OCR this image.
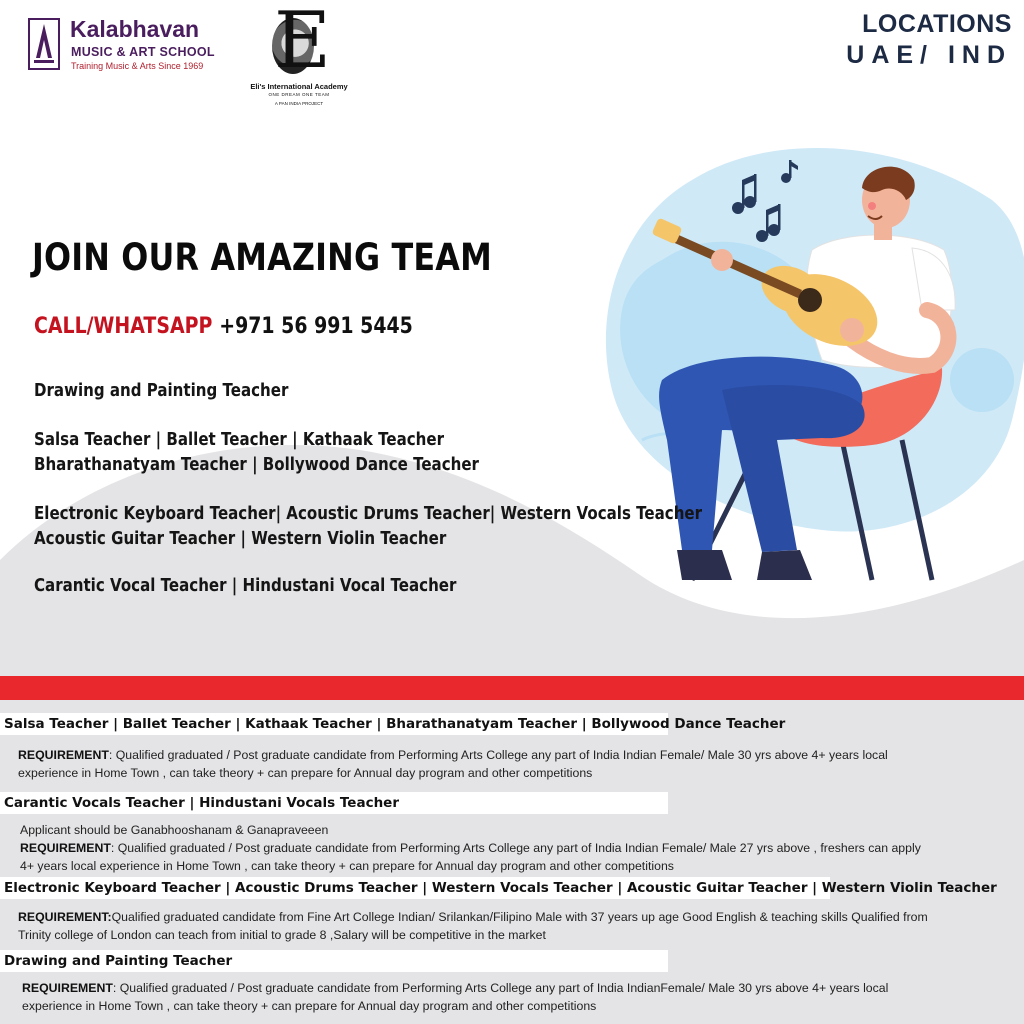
Kalabhavan
MUSIC & ART SCHOOL
Training Music & Arts Since 1969 E
Eli's International Academy
ONE DREAM ONE TEAM
A PAN INDIA PROJECT
LOCATIONS
UAE/ IND
JOIN OUR AMAZING TEAM
CALL/WHATSAPP +971 56 991 5445
Drawing and Painting Teacher
Salsa Teacher | Ballet Teacher | Kathaak Teacher
Bharathanatyam Teacher | Bollywood Dance Teacher
Electronic Keyboard Teacher| Acoustic Drums Teacher| Western Vocals Teacher
Acoustic Guitar Teacher | Western Violin Teacher
Carantic Vocal Teacher | Hindustani Vocal Teacher
Salsa Teacher | Ballet Teacher | Kathaak Teacher | Bharathanatyam Teacher | Bollywood Dance Teacher
REQUIREMENT: Qualified graduated / Post graduate candidate from Performing Arts College any part of India Indian Female/ Male 30 yrs above 4+ years local
experience in Home Town , can take theory + can prepare for Annual day program and other competitions
Carantic Vocals Teacher | Hindustani Vocals Teacher
Applicant should be Ganabhooshanam & Ganapraveeen
REQUIREMENT: Qualified graduated / Post graduate candidate from Performing Arts College any part of India Indian Female/ Male 27 yrs above , freshers can apply
4+ years local experience in Home Town , can take theory + can prepare for Annual day program and other competitions
Electronic Keyboard Teacher | Acoustic Drums Teacher | Western Vocals Teacher | Acoustic Guitar Teacher | Western Violin Teacher
REQUIREMENT:Qualified graduated candidate from Fine Art College Indian/ Srilankan/Filipino Male with 37 years up age Good English & teaching skills Qualified from
Trinity college of London can teach from initial to grade 8 ,Salary will be competitive in the market
Drawing and Painting Teacher
REQUIREMENT: Qualified graduated / Post graduate candidate from Performing Arts College any part of India IndianFemale/ Male 30 yrs above 4+ years local
experience in Home Town , can take theory + can prepare for Annual day program and other competitions
